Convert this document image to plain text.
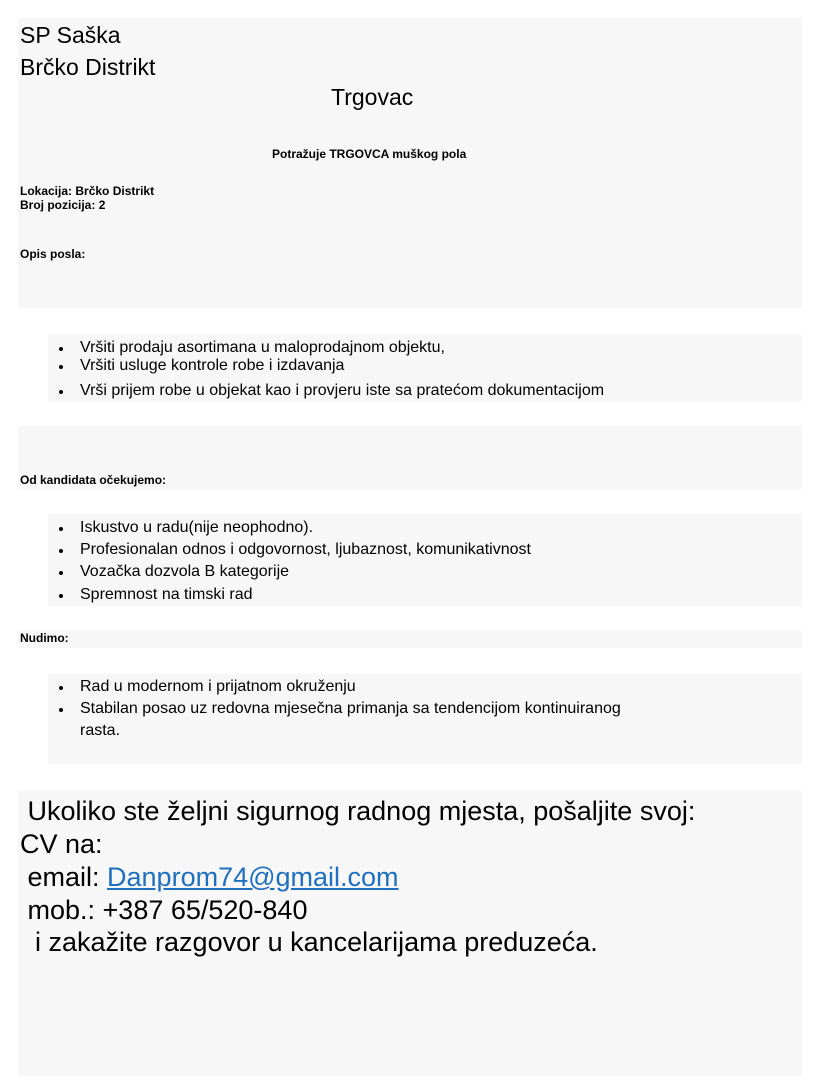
SP Saška
Brčko Distrikt
Trgovac
Potražuje TRGOVCA muškog pola
Lokacija: Brčko Distrikt
Broj pozicija: 2
Opis posla:
Vršiti prodaju asortimana u maloprodajnom objektu,
Vršiti usluge kontrole robe i izdavanja
Vrši prijem robe u objekat kao i provjeru iste sa pratećom dokumentacijom
Od kandidata očekujemo:
Iskustvo u radu(nije neophodno).
Profesionalan odnos i odgovornost, ljubaznost, komunikativnost
Vozačka dozvola B kategorije
Spremnost na timski rad
Nudimo:
Rad u modernom i prijatnom okruženju
Stabilan posao uz redovna mjesečna primanja sa tendencijom kontinuiranog
rasta.
Ukoliko ste željni sigurnog radnog mjesta, pošaljite svoj:
CV na:
email: Danprom74@gmail.com
mob.: +387 65/520-840
i zakažite razgovor u kancelarijama preduzeća.
